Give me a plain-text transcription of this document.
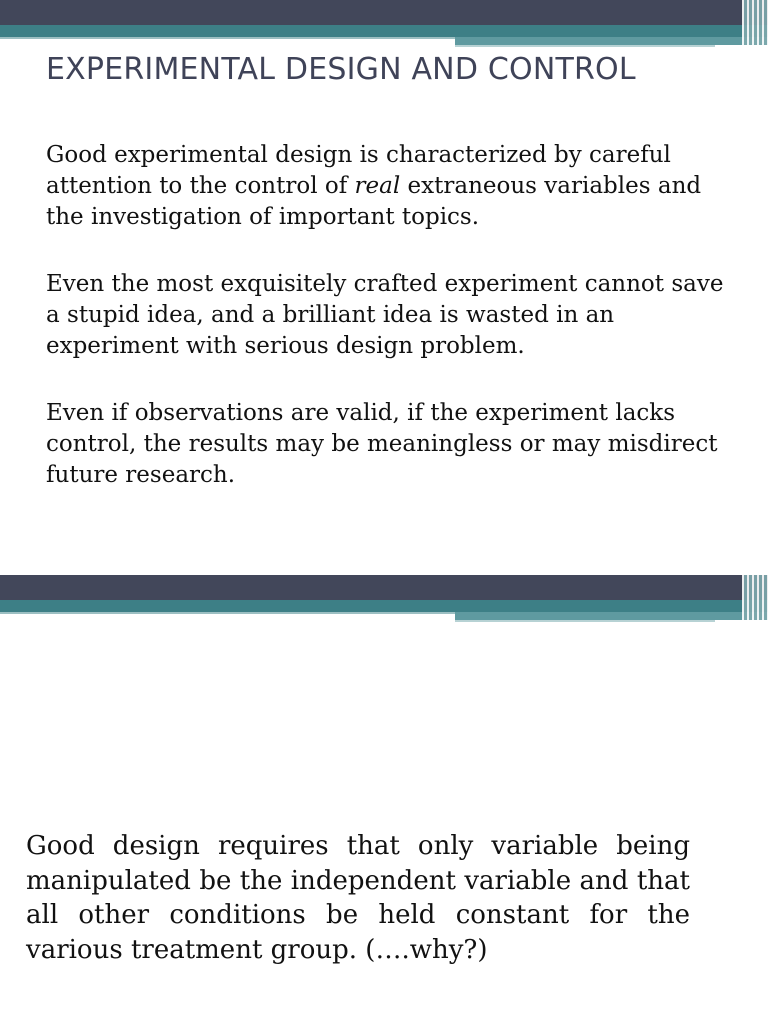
EXPERIMENTAL DESIGN AND CONTROL

Good experimental design is characterized by careful attention to the control of real extraneous variables and the investigation of important topics.

Even the most exquisitely crafted experiment cannot save a stupid idea, and a brilliant idea is wasted in an experiment with serious design problem.

Even if observations are valid, if the experiment lacks control, the results may be meaningless or may misdirect future research.

Good design requires that only variable being manipulated be the independent variable and that all other conditions be held constant for the various treatment group. (….why?)
